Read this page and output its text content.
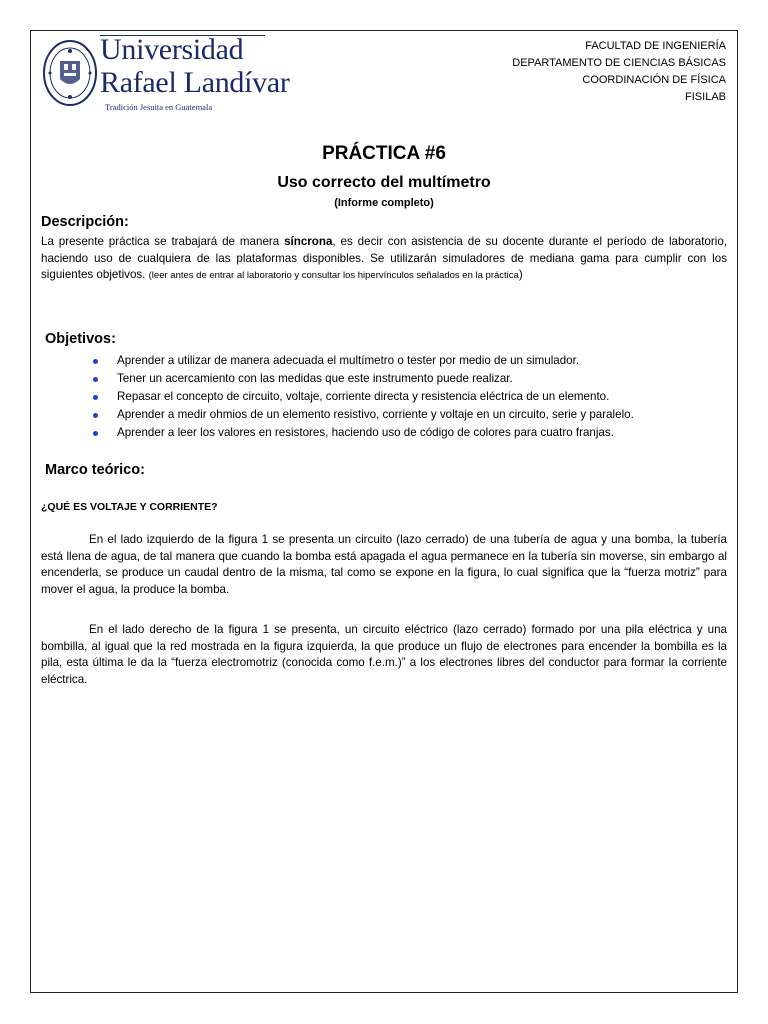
Universidad
Rafael Landívar
Tradición Jesuita en Guatemala
FACULTAD DE INGENIERÍA
DEPARTAMENTO DE CIENCIAS BÁSICAS
COORDINACIÓN DE FÍSICA
FISILAB
PRÁCTICA #6
Uso correcto del multímetro
(Informe completo)
Descripción:
La presente práctica se trabajará de manera síncrona, es decir con asistencia de su docente durante el período de laboratorio, haciendo uso de cualquiera de las plataformas disponibles. Se utilizarán simuladores de mediana gama para cumplir con los siguientes objetivos. (leer antes de entrar al laboratorio y consultar los hipervínculos señalados en la práctica)
Objetivos:
Aprender a utilizar de manera adecuada el multímetro o tester por medio de un simulador.
Tener un acercamiento con las medidas que este instrumento puede realizar.
Repasar el concepto de circuito, voltaje, corriente directa y resistencia eléctrica de un elemento.
Aprender a medir ohmios de un elemento resistivo, corriente y voltaje en un circuito, serie y paralelo.
Aprender a leer los valores en resistores, haciendo uso de código de colores para cuatro franjas.
Marco teórico:
¿QUÉ ES VOLTAJE Y CORRIENTE?
En el lado izquierdo de la figura 1 se presenta un circuito (lazo cerrado) de una tubería de agua y una bomba, la tubería está llena de agua, de tal manera que cuando la bomba está apagada el agua permanece en la tubería sin moverse, sin embargo al encenderla, se produce un caudal dentro de la misma, tal como se expone en la figura, lo cual significa que la “fuerza motriz” para mover el agua, la produce la bomba.
En el lado derecho de la figura 1 se presenta, un circuito eléctrico (lazo cerrado) formado por una pila eléctrica y una bombilla, al igual que la red mostrada en la figura izquierda, la que produce un flujo de electrones para encender la bombilla es la pila, esta última le da la “fuerza electromotriz (conocida como f.e.m.)” a los electrones libres del conductor para formar la corriente eléctrica.
